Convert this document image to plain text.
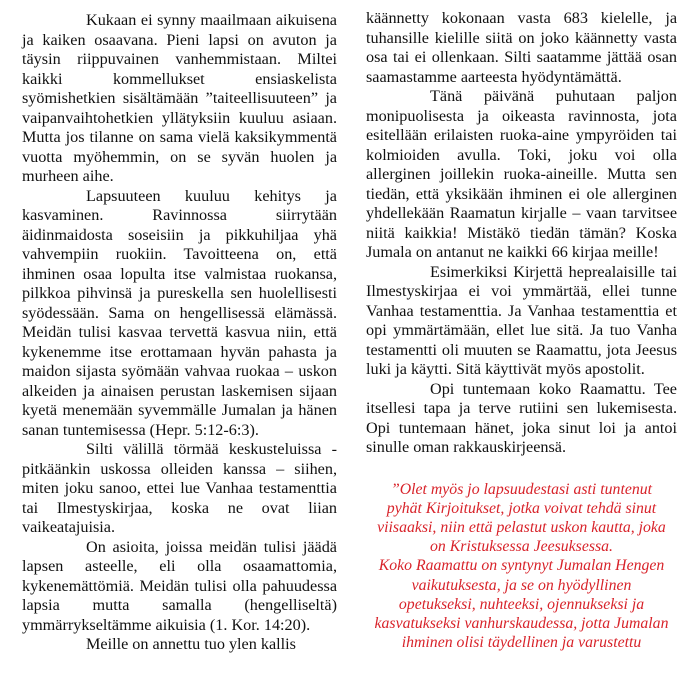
Kukaan ei synny maailmaan aikuisena ja kaiken osaavana. Pieni lapsi on avuton ja täysin riippuvainen vanhemmistaan. Miltei kaikki kommellukset ensiaskelista syömishetkien sisältämään ”taiteellisuuteen” ja vaipanvaihtohetkien yllätyksiin kuuluu asiaan. Mutta jos tilanne on sama vielä kaksikymmentä vuotta myöhemmin, on se syvän huolen ja murheen aihe.

Lapsuuteen kuuluu kehitys ja kasvaminen. Ravinnossa siirrytään äidinmaidosta soseisiin ja pikkuhiljaa yhä vahvempiin ruokiin. Tavoitteena on, että ihminen osaa lopulta itse valmistaa ruokansa, pilkkoa pihvinsä ja pureskella sen huolellisesti syödessään. Sama on hengellisessä elämässä. Meidän tulisi kasvaa tervettä kasvua niin, että kykenemme itse erottamaan hyvän pahasta ja maidon sijasta syömään vahvaa ruokaa – uskon alkeiden ja ainaisen perustan laskemisen sijaan kyetä menemään syvemmälle Jumalan ja hänen sanan tuntemisessa (Hepr. 5:12-6:3).

Silti välillä törmää keskusteluissa - pitkäänkin uskossa olleiden kanssa – siihen, miten joku sanoo, ettei lue Vanhaa testamenttia tai Ilmestyskirjaa, koska ne ovat liian vaikeatajuisia.

On asioita, joissa meidän tulisi jäädä lapsen asteelle, eli olla osaamattomia, kykenemättömiä. Meidän tulisi olla pahuudessa lapsia mutta samalla (hengelliseltä) ymmärrykseltämme aikuisia (1. Kor. 14:20).

Meille on annettu tuo ylen kallis

käännetty kokonaan vasta 683 kielelle, ja tuhansille kielille siitä on joko käännetty vasta osa tai ei ollenkaan. Silti saatamme jättää osan saamastamme aarteesta hyödyntämättä.

Tänä päivänä puhutaan paljon monipuolisesta ja oikeasta ravinnosta, jota esitellään erilaisten ruoka-aine ympyröiden tai kolmioiden avulla. Toki, joku voi olla allerginen joillekin ruoka-aineille. Mutta sen tiedän, että yksikään ihminen ei ole allerginen yhdellekään Raamatun kirjalle – vaan tarvitsee niitä kaikkia! Mistäkö tiedän tämän? Koska Jumala on antanut ne kaikki 66 kirjaa meille!

Esimerkiksi Kirjettä heprealaisille tai Ilmestyskirjaa ei voi ymmärtää, ellei tunne Vanhaa testamenttia. Ja Vanhaa testamenttia et opi ymmärtämään, ellet lue sitä. Ja tuo Vanha testamentti oli muuten se Raamattu, jota Jeesus luki ja käytti. Sitä käyttivät myös apostolit.

Opi tuntemaan koko Raamattu. Tee itsellesi tapa ja terve rutiini sen lukemisesta. Opi tuntemaan hänet, joka sinut loi ja antoi sinulle oman rakkauskirjeensä.

”Olet myös jo lapsuudestasi asti tuntenut
pyhät Kirjoitukset, jotka voivat tehdä sinut
viisaaksi, niin että pelastut uskon kautta, joka
on Kristuksessa Jeesuksessa.
Koko Raamattu on syntynyt Jumalan Hengen
vaikutuksesta, ja se on hyödyllinen
opetukseksi, nuhteeksi, ojennukseksi ja
kasvatukseksi vanhurskaudessa, jotta Jumalan
ihminen olisi täydellinen ja varustettu
